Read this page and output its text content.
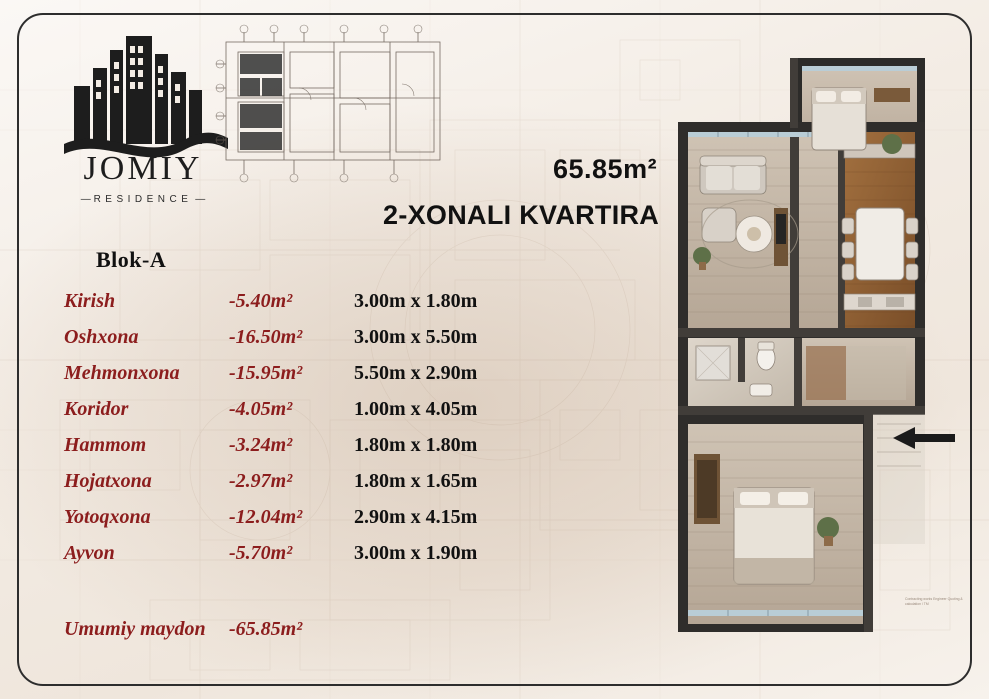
JOMIY
— RESIDENCE —
65.85m²
2-XONALI KVARTIRA
Blok-A
Kirish	-5.40m²	3.00m x 1.80m
Oshxona	-16.50m²	3.00m x 5.50m
Mehmonxona -15.95m²	5.50m x 2.90m
Koridor	-4.05m²	1.00m x 4.05m
Hammom	-3.24m²	1.80m x 1.80m
Hojatxona	-2.97m²	1.80m x 1.65m
Yotoqxona	-12.04m²	2.90m x 4.15m
Ayvon	-5.70m²	3.00m x 1.90m
Umumiy maydon -65.85m²
Contracting works Engineer Quoting & calculation / TM
